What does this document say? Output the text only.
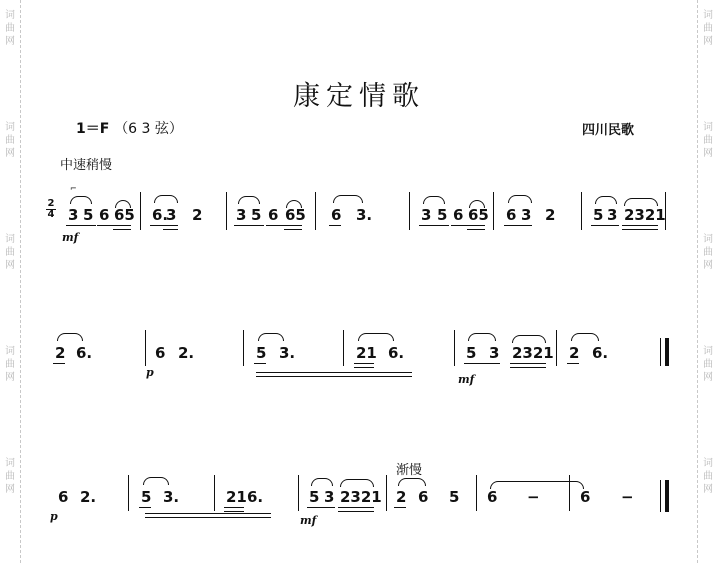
词
曲
网
词
曲
网
词
曲
网
词
曲
网
词
曲
网
词
曲
网
词
曲
网
词
曲
网
词
曲
网
词
曲
网
康定情歌
1＝F （6 3 弦）	四川民歌
中速稍慢
2
4
mf
p
mf
p	mf
渐慢
3 5 6 65
⌐
6.
3 2 3 5 6 65 6 3.	3 5 6 65 6 3 2	5 3 2321
2 6.	6 2.	5 3.	21 6.	5 3 2321 2 6.
6 2.	5 3.	21 6.	5 3 2321 2 6 5 6 −	6 −
